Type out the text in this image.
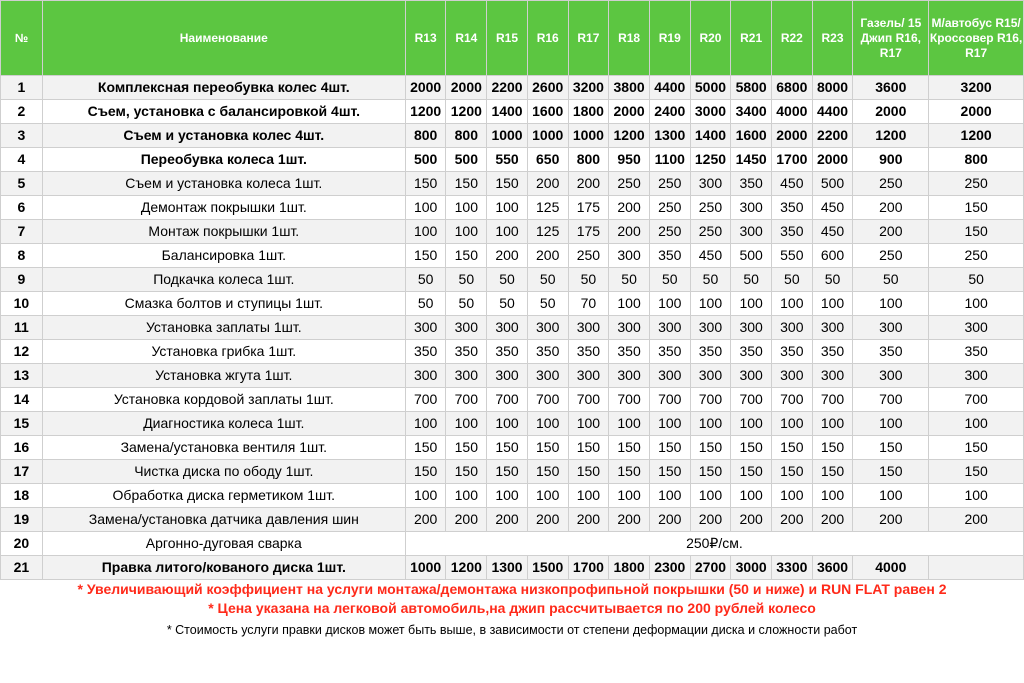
№	Наименование	R13	R14	R15	R16	R17	R18	R19	R20	R21	R22	R23	Газель/ 15 Джип R16, R17	М/автобус R15/ Кроссовер R16, R17
1	Комплексная переобувка колес 4шт.	2000	2000	2200	2600	3200	3800	4400	5000	5800	6800	8000	3600	3200
2	Съем, установка с балансировкой 4шт.	1200	1200	1400	1600	1800	2000	2400	3000	3400	4000	4400	2000	2000
3	Съем и установка колес 4шт.	800	800	1000	1000	1000	1200	1300	1400	1600	2000	2200	1200	1200
4	Переобувка колеса 1шт.	500	500	550	650	800	950	1100	1250	1450	1700	2000	900	800
5	Съем и установка колеса 1шт.	150	150	150	200	200	250	250	300	350	450	500	250	250
6	Демонтаж покрышки 1шт.	100	100	100	125	175	200	250	250	300	350	450	200	150
7	Монтаж покрышки 1шт.	100	100	100	125	175	200	250	250	300	350	450	200	150
8	Балансировка 1шт.	150	150	200	200	250	300	350	450	500	550	600	250	250
9	Подкачка колеса 1шт.	50	50	50	50	50	50	50	50	50	50	50	50	50
10	Смазка болтов и ступицы 1шт.	50	50	50	50	70	100	100	100	100	100	100	100	100
11	Установка заплаты 1шт.	300	300	300	300	300	300	300	300	300	300	300	300	300
12	Установка грибка 1шт.	350	350	350	350	350	350	350	350	350	350	350	350	350
13	Установка жгута 1шт.	300	300	300	300	300	300	300	300	300	300	300	300	300
14	Установка кордовой заплаты 1шт.	700	700	700	700	700	700	700	700	700	700	700	700	700
15	Диагностика колеса 1шт.	100	100	100	100	100	100	100	100	100	100	100	100	100
16	Замена/установка вентиля 1шт.	150	150	150	150	150	150	150	150	150	150	150	150	150
17	Чистка диска по ободу 1шт.	150	150	150	150	150	150	150	150	150	150	150	150	150
18	Обработка диска герметиком 1шт.	100	100	100	100	100	100	100	100	100	100	100	100	100
19	Замена/установка датчика давления шин	200	200	200	200	200	200	200	200	200	200	200	200	200
20	Аргонно-дуговая сварка	250₽/см.												
21	Правка литого/кованого диска 1шт.	1000	1200	1300	1500	1700	1800	2300	2700	3000	3300	3600	4000	
* Увеличивающий коэффициент на услуги монтажа/демонтажа низкопрофипьной покрышки (50 и ниже) и RUN FLAT равен 2
* Цена указана на легковой автомобиль,на джип рассчитывается по 200 рублей колесо
* Стоимость услуги правки дисков может быть выше, в зависимости от степени деформации диска и сложности работ
